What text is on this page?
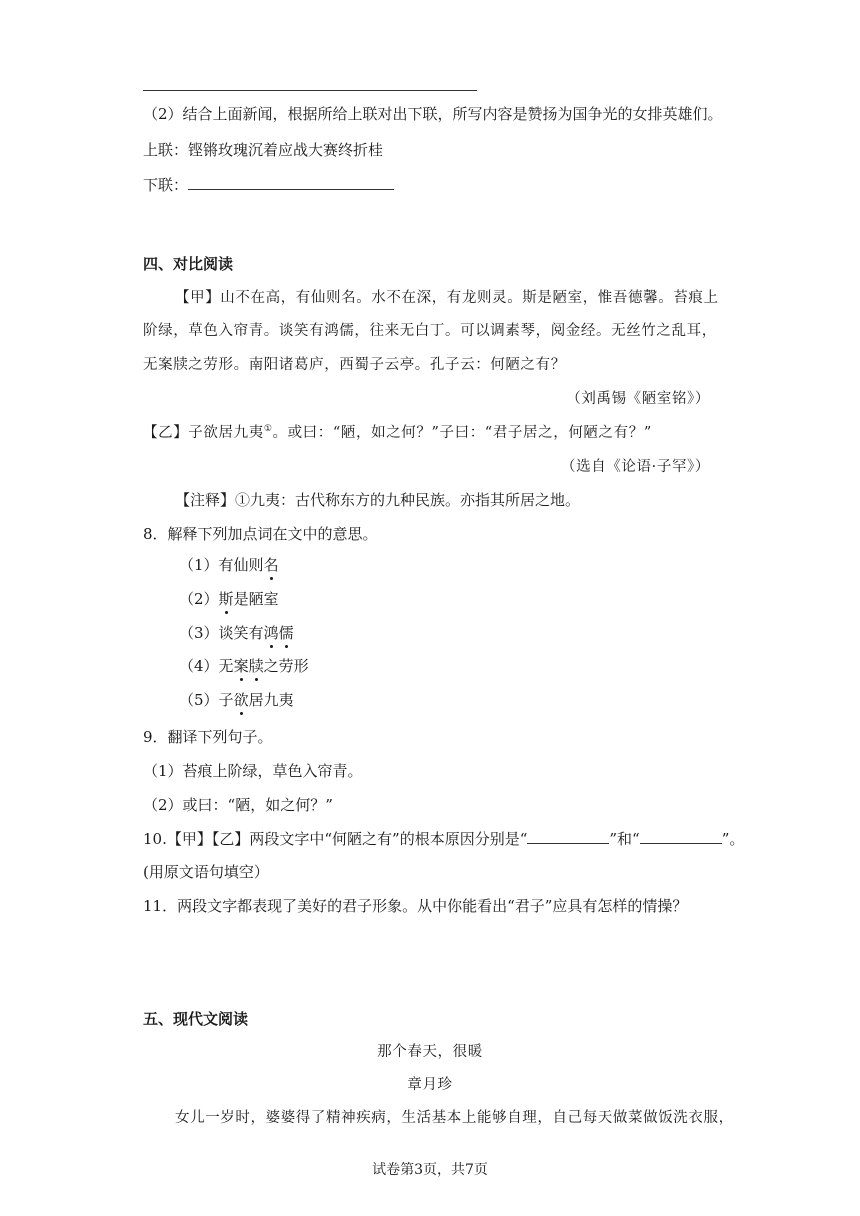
（2）结合上面新闻，根据所给上联对出下联，所写内容是赞扬为国争光的女排英雄们。
上联：铿锵玫瑰沉着应战大赛终折桂
下联：
四、对比阅读
【甲】山不在高，有仙则名。水不在深，有龙则灵。斯是陋室，惟吾德馨。苔痕上
阶绿，草色入帘青。谈笑有鸿儒，往来无白丁。可以调素琴，阅金经。无丝竹之乱耳，
无案牍之劳形。南阳诸葛庐，西蜀子云亭。孔子云：何陋之有？
（刘禹锡《陋室铭》）
【乙】子欲居九夷①。或曰：“陋，如之何？”子曰：“君子居之，何陋之有？”
（选自《论语·子罕》）
【注释】①九夷：古代称东方的九种民族。亦指其所居之地。
8．解释下列加点词在文中的意思。
（1）有仙则名
（2）斯是陋室
（3）谈笑有鸿儒
（4）无案牍之劳形
（5）子欲居九夷
9．翻译下列句子。
（1）苔痕上阶绿，草色入帘青。
（2）或曰：“陋，如之何？”
10.【甲】【乙】两段文字中“何陋之有”的根本原因分别是“	”和“	”。
(用原文语句填空）
11．两段文字都表现了美好的君子形象。从中你能看出“君子”应具有怎样的情操？
五、现代文阅读
那个春天，很暖
章月珍
女儿一岁时，婆婆得了精神疾病，生活基本上能够自理，自己每天做菜做饭洗衣服，
试卷第3页，共7页
